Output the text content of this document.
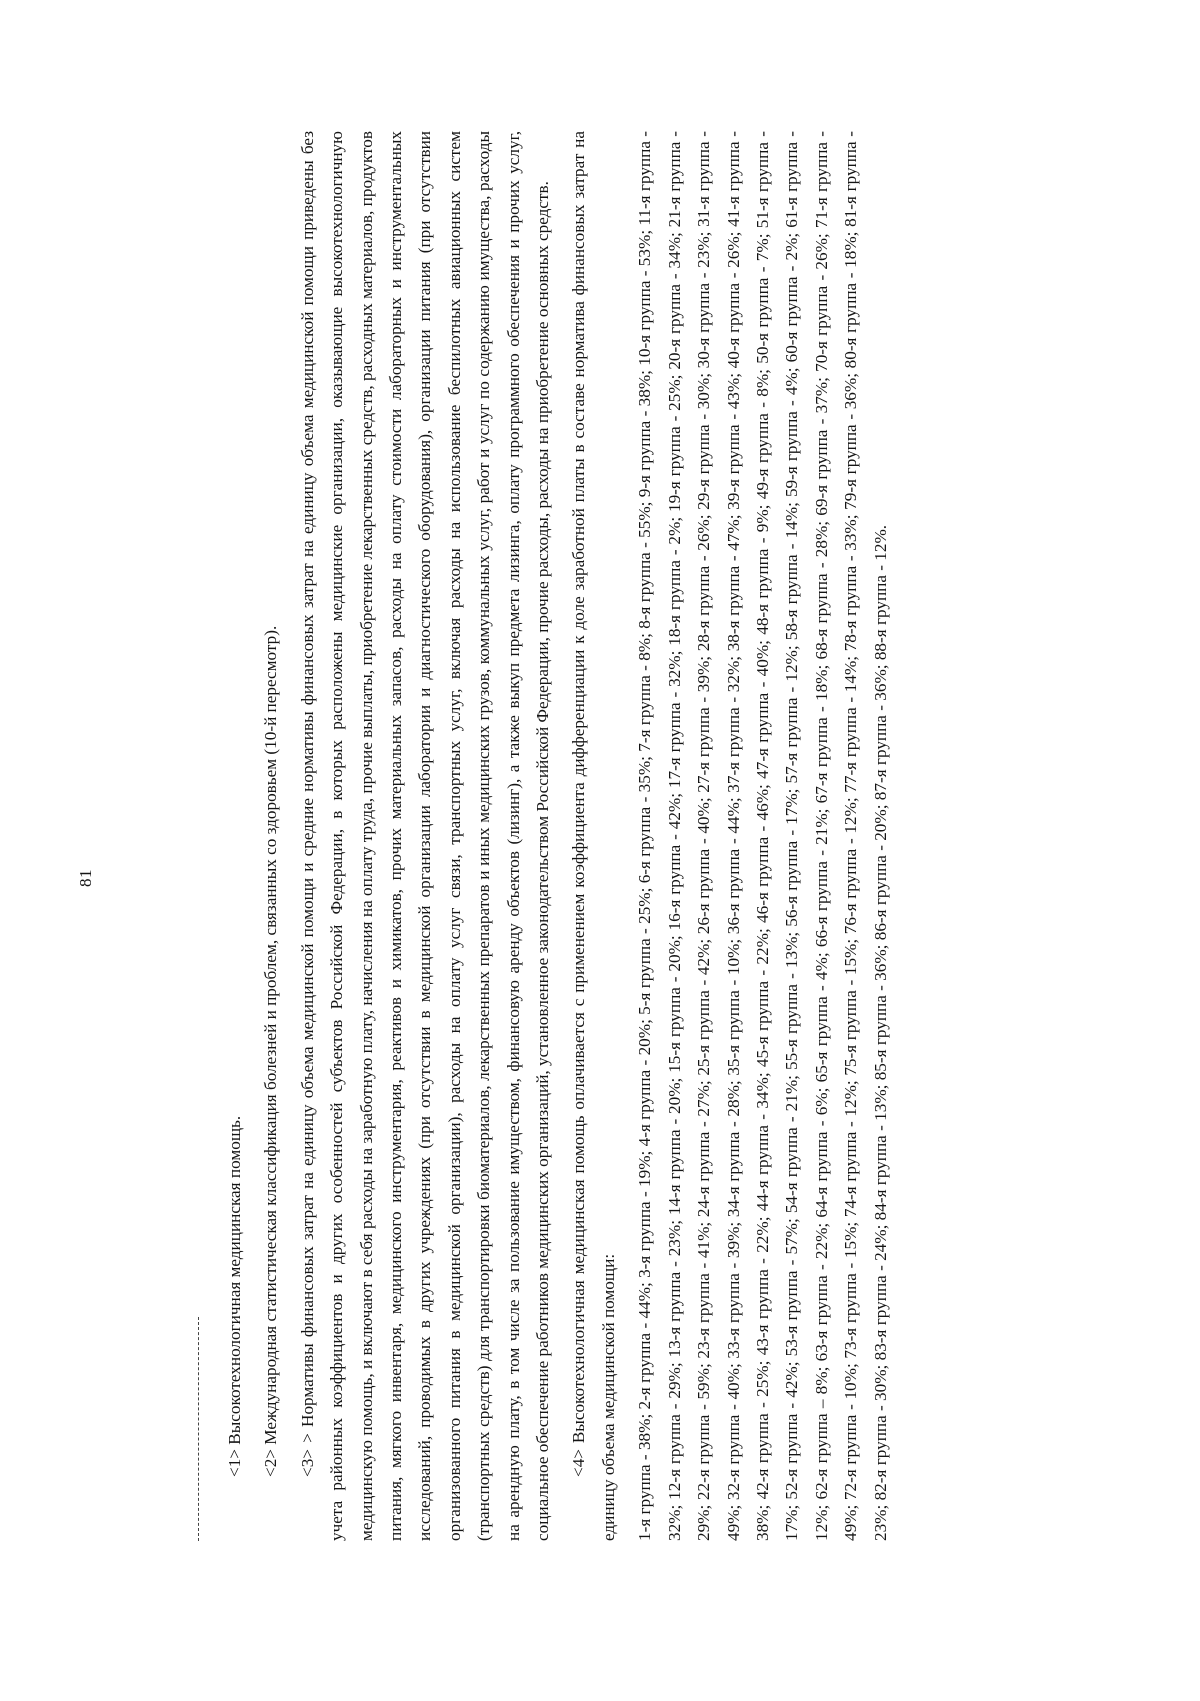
81

<1> Высокотехнологичная медицинская помощь.

<2> Международная статистическая классификация болезней и проблем, связанных со здоровьем (10-й пересмотр).

<3> > Нормативы финансовых затрат на единицу объема медицинской помощи и средние нормативы финансовых затрат на единицу объема медицинской помощи приведены без учета районных коэффициентов и других особенностей субъектов Российской Федерации, в которых расположены медицинские организации, оказывающие высокотехнологичную медицинскую помощь, и включают в себя расходы на заработную плату, начисления на оплату труда, прочие выплаты, приобретение лекарственных средств, расходных материалов, продуктов питания, мягкого инвентаря, медицинского инструментария, реактивов и химикатов, прочих материальных запасов, расходы на оплату стоимости лабораторных и инструментальных исследований, проводимых в других учреждениях (при отсутствии в медицинской организации лаборатории и диагностического оборудования), организации питания (при отсутствии организованного питания в медицинской организации), расходы на оплату услуг связи, транспортных услуг, включая расходы на использование беспилотных авиационных систем (транспортных средств) для транспортировки биоматериалов, лекарственных препаратов и иных медицинских грузов, коммунальных услуг, работ и услуг по содержанию имущества, расходы на арендную плату, в том числе за пользование имуществом, финансовую аренду объектов (лизинг), а также выкуп предмета лизинга, оплату программного обеспечения и прочих услуг, социальное обеспечение работников медицинских организаций, установленное законодательством Российской Федерации, прочие расходы, расходы на приобретение основных средств.	<4> Высокотехнологичная медицинская помощь оплачивается с применением коэффициента дифференциации к доле заработной платы в составе норматива финансовых затрат на единицу объема медицинской помощи:	1-я группа - 38%; 2-я группа - 44%; 3-я группа - 19%; 4-я группа - 20%; 5-я группа - 25%; 6-я группа - 35%; 7-я группа - 8%; 8-я группа - 55%; 9-я группа - 38%; 10-я группа - 53%; 11-я группа - 32%; 12-я группа - 29%; 13-я группа - 23%; 14-я группа - 20%; 15-я группа - 20%; 16-я группа - 42%; 17-я группа - 32%; 18-я группа - 2%; 19-я группа - 25%; 20-я группа - 34%; 21-я группа - 29%; 22-я группа - 59%; 23-я группа - 41%; 24-я группа - 27%; 25-я группа - 42%; 26-я группа - 40%; 27-я группа - 39%; 28-я группа - 26%; 29-я группа - 30%; 30-я группа - 23%; 31-я группа - 49%; 32-я группа - 40%; 33-я группа - 39%; 34-я группа - 28%; 35-я группа - 10%; 36-я группа - 44%; 37-я группа - 32%; 38-я группа - 47%; 39-я группа - 43%; 40-я группа - 26%; 41-я группа - 38%; 42-я группа - 25%; 43-я группа - 22%; 44-я группа - 34%; 45-я группа - 22%; 46-я группа - 46%; 47-я группа - 40%; 48-я группа - 9%; 49-я группа - 8%; 50-я группа - 7%; 51-я группа - 17%; 52-я группа - 42%; 53-я группа - 57%; 54-я группа - 21%; 55-я группа - 13%; 56-я группа - 17%; 57-я группа - 12%; 58-я группа - 14%; 59-я группа - 4%; 60-я группа - 2%; 61-я группа - 12%; 62-я группа – 8%; 63-я группа - 22%; 64-я группа - 6%; 65-я группа - 4%; 66-я группа - 21%; 67-я группа - 18%; 68-я группа - 28%; 69-я группа - 37%; 70-я группа - 26%; 71-я группа - 49%; 72-я группа - 10%; 73-я группа - 15%; 74-я группа - 12%; 75-я группа - 15%; 76-я группа - 12%; 77-я группа - 14%; 78-я группа - 33%; 79-я группа - 36%; 80-я группа - 18%; 81-я группа - 23%; 82-я группа - 30%; 83-я группа - 24%; 84-я группа - 13%; 85-я группа - 36%; 86-я группа - 20%; 87-я группа - 36%; 88-я группа - 12%.
